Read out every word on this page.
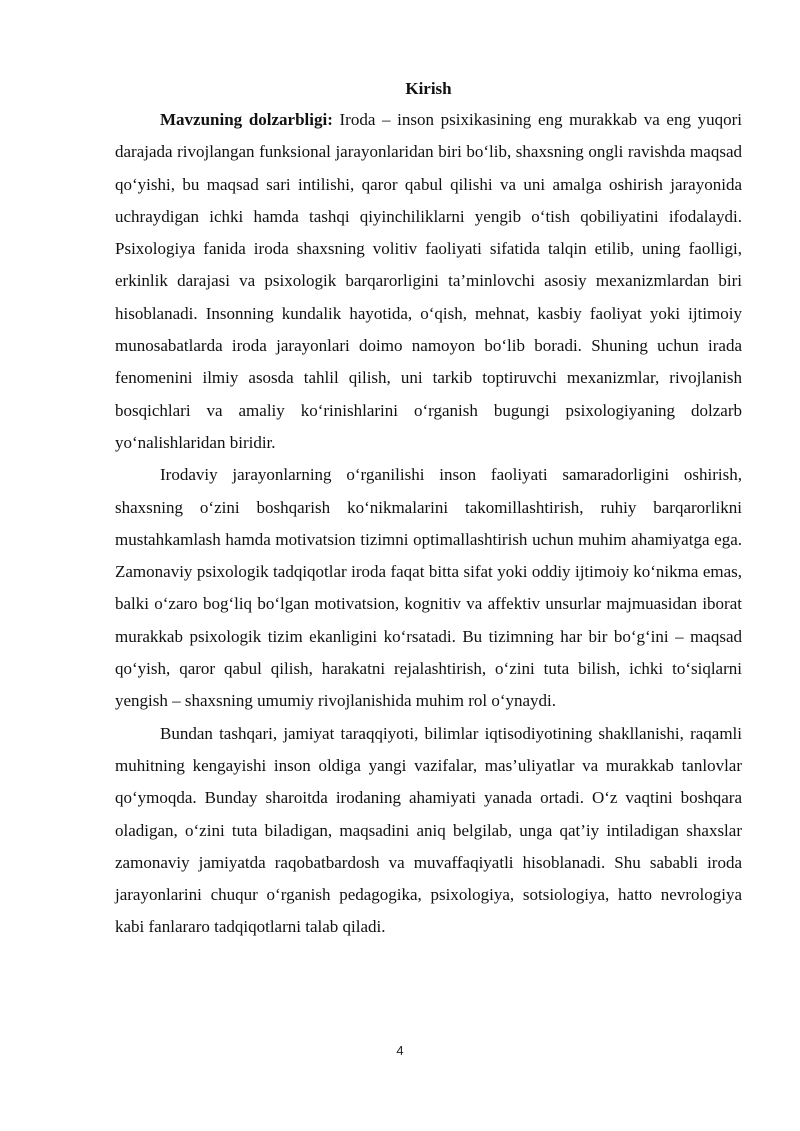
Kirish

Mavzuning dolzarbligi: Iroda – inson psixikasining eng murakkab va eng yuqori darajada rivojlangan funksional jarayonlaridan biri bo‘lib, shaxsning ongli ravishda maqsad qo‘yishi, bu maqsad sari intilishi, qaror qabul qilishi va uni amalga oshirish jarayonida uchraydigan ichki hamda tashqi qiyinchiliklarni yengib o‘tish qobiliyatini ifodalaydi. Psixologiya fanida iroda shaxsning volitiv faoliyati sifatida talqin etilib, uning faolligi, erkinlik darajasi va psixologik barqarorligini ta’minlovchi asosiy mexanizmlardan biri hisoblanadi. Insonning kundalik hayotida, o‘qish, mehnat, kasbiy faoliyat yoki ijtimoiy munosabatlarda iroda jarayonlari doimo namoyon bo‘lib boradi. Shuning uchun irada fenomenini ilmiy asosda tahlil qilish, uni tarkib toptiruvchi mexanizmlar, rivojlanish bosqichlari va amaliy ko‘rinishlarini o‘rganish bugungi psixologiyaning dolzarb yo‘nalishlaridan biridir.

Irodaviy jarayonlarning o‘rganilishi inson faoliyati samaradorligini oshirish, shaxsning o‘zini boshqarish ko‘nikmalarini takomillashtirish, ruhiy barqarorlikni mustahkamlash hamda motivatsion tizimni optimallashtirish uchun muhim ahamiyatga ega. Zamonaviy psixologik tadqiqotlar iroda faqat bitta sifat yoki oddiy ijtimoiy ko‘nikma emas, balki o‘zaro bog‘liq bo‘lgan motivatsion, kognitiv va affektiv unsurlar majmuasidan iborat murakkab psixologik tizim ekanligini ko‘rsatadi. Bu tizimning har bir bo‘g‘ini – maqsad qo‘yish, qaror qabul qilish, harakatni rejalashtirish, o‘zini tuta bilish, ichki to‘siqlarni yengish – shaxsning umumiy rivojlanishida muhim rol o‘ynaydi.

Bundan tashqari, jamiyat taraqqiyoti, bilimlar iqtisodiyotining shakllanishi, raqamli muhitning kengayishi inson oldiga yangi vazifalar, mas’uliyatlar va murakkab tanlovlar qo‘ymoqda. Bunday sharoitda irodaning ahamiyati yanada ortadi. O‘z vaqtini boshqara oladigan, o‘zini tuta biladigan, maqsadini aniq belgilab, unga qat’iy intiladigan shaxslar zamonaviy jamiyatda raqobatbardosh va muvaffaqiyatli hisoblanadi. Shu sababli iroda jarayonlarini chuqur o‘rganish pedagogika, psixologiya, sotsiologiya, hatto nevrologiya kabi fanlararo tadqiqotlarni talab qiladi.

4
